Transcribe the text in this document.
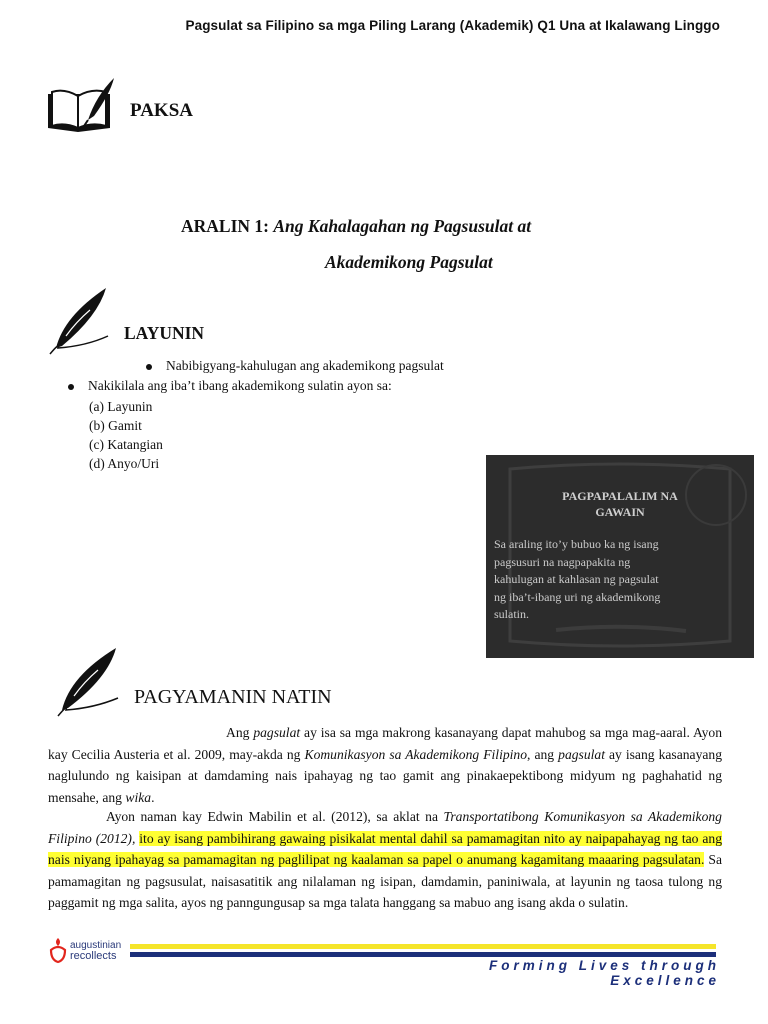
Pagsulat sa Filipino sa mga Piling Larang (Akademik) Q1 Una at Ikalawang Linggo
PAKSA
ARALIN 1: Ang Kahalagahan ng Pagsusulat at
Akademikong Pagsulat
LAYUNIN
Nabibigyang-kahulugan ang akademikong pagsulat
Nakikilala ang iba’t ibang akademikong sulatin ayon sa:
(a) Layunin
(b) Gamit
(c) Katangian
(d) Anyo/Uri
PAGPAPALALIM NA
GAWAIN
Sa araling ito’y bubuo ka ng isang
pagsusuri na nagpapakita ng
kahulugan at kahlasan ng pagsulat
ng iba’t-ibang uri ng akademikong
sulatin.
PAGYAMANIN NATIN
Ang pagsulat ay isa sa mga makrong kasanayang dapat mahubog sa mga mag-aaral. Ayon kay Cecilia Austeria et al. 2009, may-akda ng Komunikasyon sa Akademikong Filipino, ang pagsulat ay isang kasanayang naglulundo ng kaisipan at damdaming nais ipahayag ng tao gamit ang pinakaepektibong midyum ng paghahatid ng mensahe, ang wika.
Ayon naman kay Edwin Mabilin et al. (2012), sa aklat na Transportatibong Komunikasyon sa Akademikong Filipino (2012), ito ay isang pambihirang gawaing pisikalat mental dahil sa pamamagitan nito ay naipapahayag ng tao ang nais niyang ipahayag sa pamamagitan ng paglilipat ng kaalaman sa papel o anumang kagamitang maaaring pagsulatan. Sa pamamagitan ng pagsusulat, naisasatitik ang nilalaman ng isipan, damdamin, paniniwala, at layunin ng taosa tulong ng paggamit ng mga salita, ayos ng panngungusap sa mga talata hanggang sa mabuo ang isang akda o sulatin.
augustinian
recollects
Forming Lives through Excellence
